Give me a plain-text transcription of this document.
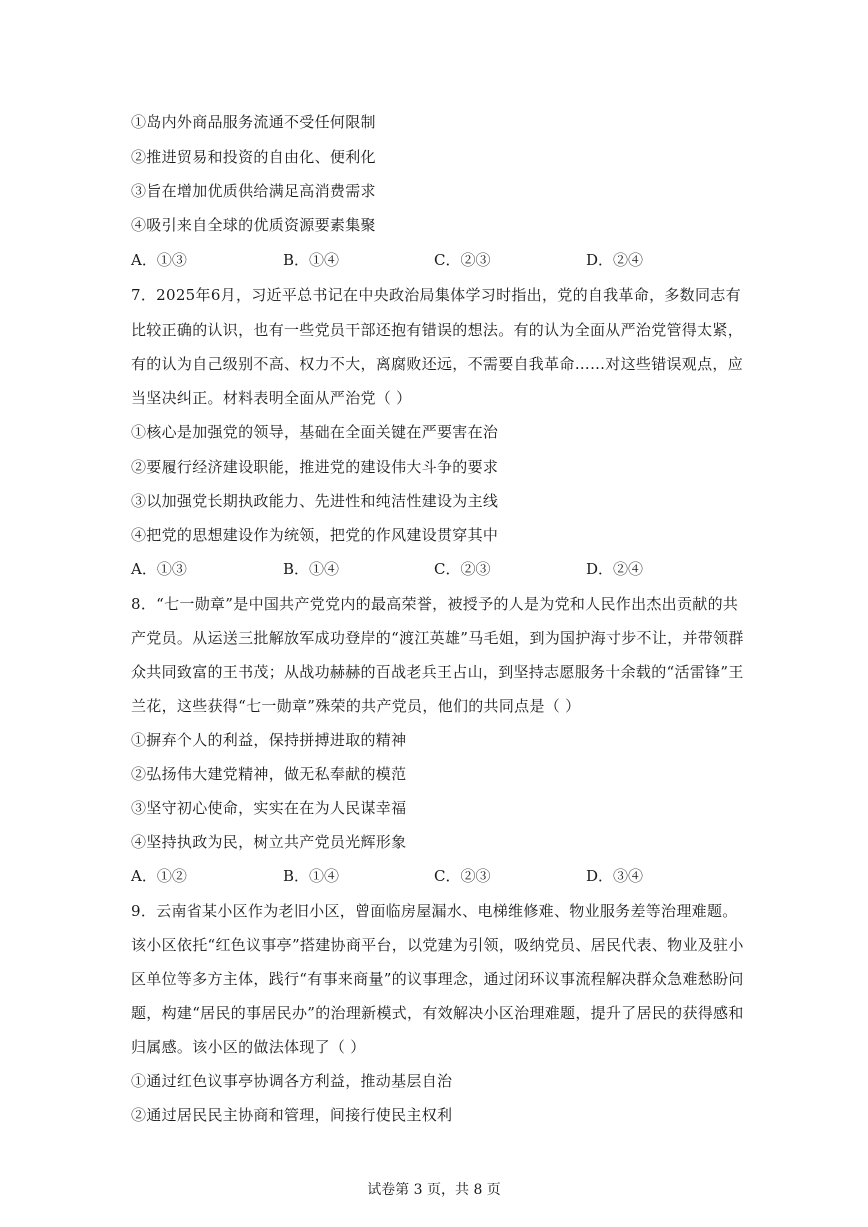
①岛内外商品服务流通不受任何限制
②推进贸易和投资的自由化、便利化
③旨在增加优质供给满足高消费需求
④吸引来自全球的优质资源要素集聚
A．①③	B．①④	C．②③	D．②④
7．2025年6月，习近平总书记在中央政治局集体学习时指出，党的自我革命，多数同志有
比较正确的认识，也有一些党员干部还抱有错误的想法。有的认为全面从严治党管得太紧，
有的认为自己级别不高、权力不大，离腐败还远，不需要自我革命……对这些错误观点，应
当坚决纠正。材料表明全面从严治党（ ）
①核心是加强党的领导，基础在全面关键在严要害在治
②要履行经济建设职能，推进党的建设伟大斗争的要求
③以加强党长期执政能力、先进性和纯洁性建设为主线
④把党的思想建设作为统领，把党的作风建设贯穿其中
A．①③	B．①④	C．②③	D．②④
8．“七一勋章”是中国共产党党内的最高荣誉，被授予的人是为党和人民作出杰出贡献的共
产党员。从运送三批解放军成功登岸的“渡江英雄”马毛姐，到为国护海寸步不让，并带领群
众共同致富的王书茂；从战功赫赫的百战老兵王占山，到坚持志愿服务十余载的“活雷锋”王
兰花，这些获得“七一勋章”殊荣的共产党员，他们的共同点是（ ）
①摒弃个人的利益，保持拼搏进取的精神
②弘扬伟大建党精神，做无私奉献的模范
③坚守初心使命，实实在在为人民谋幸福
④坚持执政为民，树立共产党员光辉形象
A．①②	B．①④	C．②③	D．③④
9．云南省某小区作为老旧小区，曾面临房屋漏水、电梯维修难、物业服务差等治理难题。
该小区依托“红色议事亭”搭建协商平台，以党建为引领，吸纳党员、居民代表、物业及驻小
区单位等多方主体，践行“有事来商量”的议事理念，通过闭环议事流程解决群众急难愁盼问
题，构建“居民的事居民办”的治理新模式，有效解决小区治理难题，提升了居民的获得感和
归属感。该小区的做法体现了（ ）
①通过红色议事亭协调各方利益，推动基层自治
②通过居民民主协商和管理，间接行使民主权利
试卷第 3 页，共 8 页
